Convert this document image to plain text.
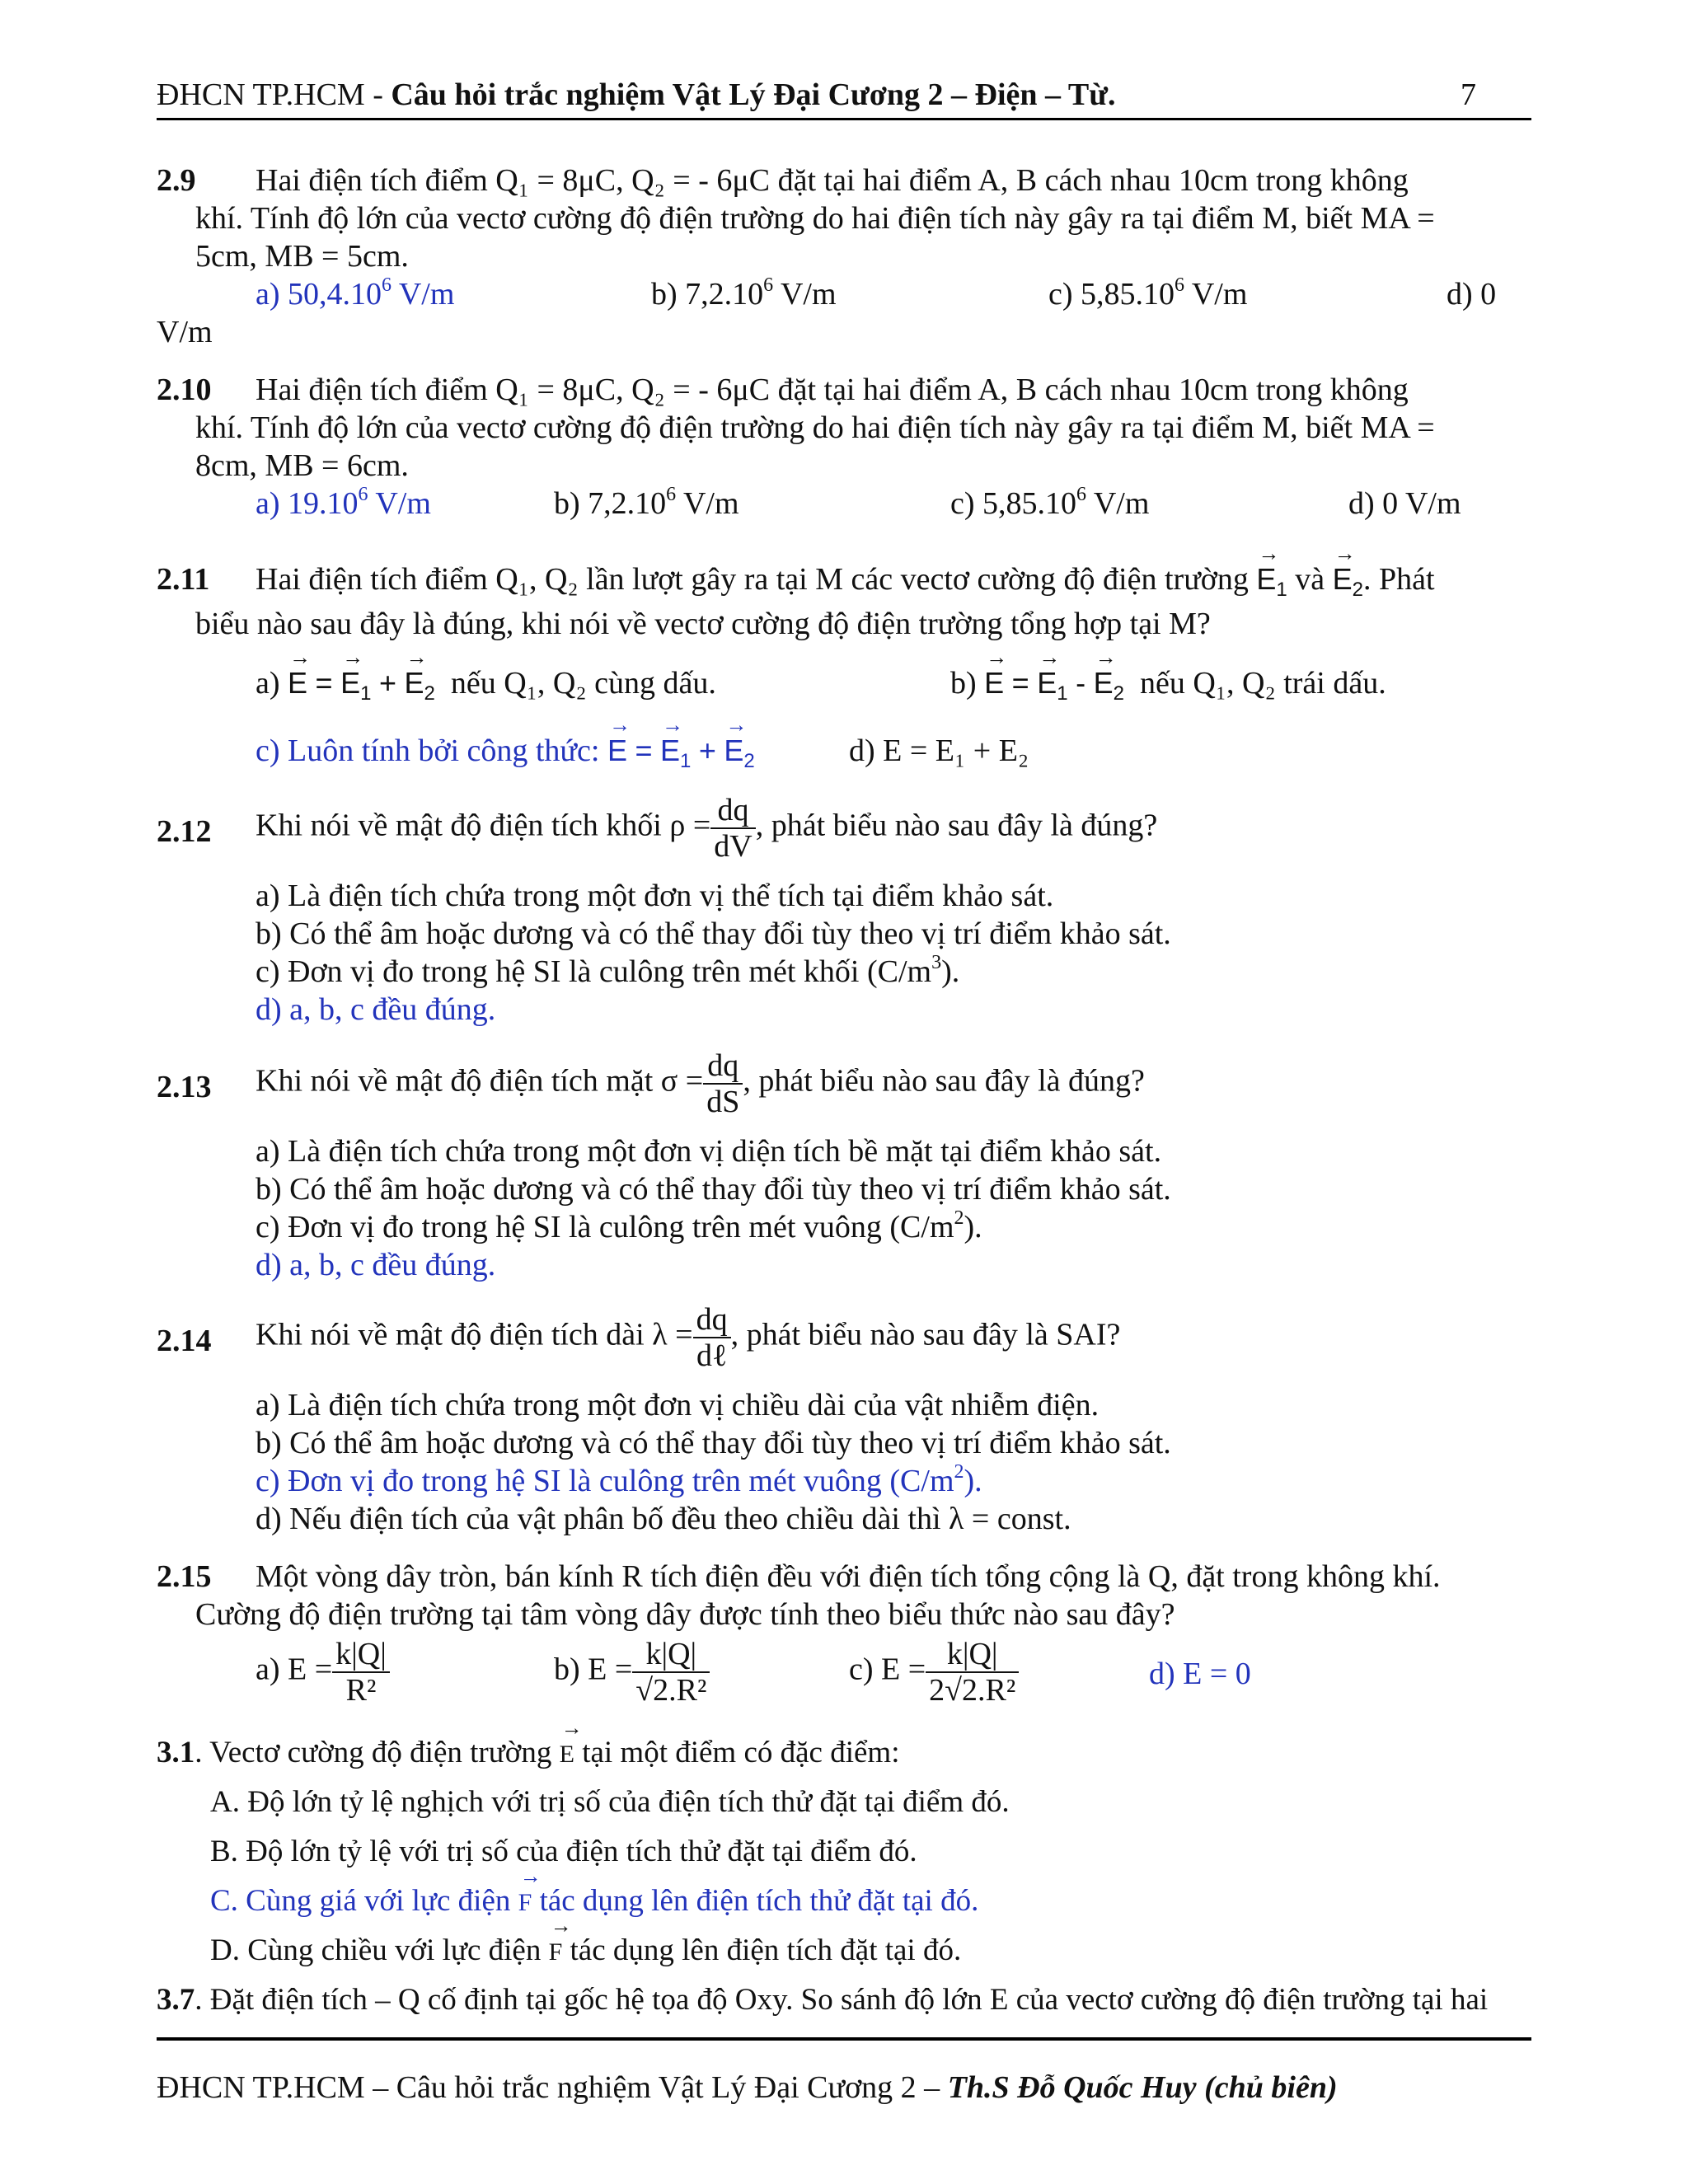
ĐHCN TP.HCM - Câu hỏi trắc nghiệm Vật Lý Đại Cương 2 – Điện – Từ.	7
2.9 Hai điện tích điểm Q₁ = 8μC, Q₂ = - 6μC đặt tại hai điểm A, B cách nhau 10cm trong không
khí. Tính độ lớn của vectơ cường độ điện trường do hai điện tích này gây ra tại điểm M, biết MA =
5cm, MB = 5cm.
a) 50,4.10$^6$ V/m	b) 7,2.10$^6$ V/m	c) 5,85.10$^6$ V/m	d) 0
V/m
2.10 Hai điện tích điểm Q₁ = 8μC, Q₂ = - 6μC đặt tại hai điểm A, B cách nhau 10cm trong không
khí. Tính độ lớn của vectơ cường độ điện trường do hai điện tích này gây ra tại điểm M, biết MA =
8cm, MB = 6cm.
a) 19.10$^6$ V/m	b) 7,2.10$^6$ V/m	c) 5,85.10$^6$ V/m	d) 0 V/m
2.11 Hai điện tích điểm Q₁, Q₂ lần lượt gây ra tại M các vectơ cường độ điện trường → $E_1$ và → $E_2$. Phát
biểu nào sau đây là đúng, khi nói về vectơ cường độ điện trường tổng hợp tại M?
a) → E = → $E_1$ + → $E_2$ nếu Q₁, Q₂ cùng dấu.	b) → E = → $E_1$ - → $E_2$ nếu Q₁, Q₂ trái dấu.
c) Luôn tính bởi công thức: → E = → $E_1$ + → $E_2$	d) E = E₁ + E₂
2.12 Khi nói về mật độ điện tích khối $\rho = \frac{dq}{dV}$ , phát biểu nào sau đây là đúng?
a) Là điện tích chứa trong một đơn vị thể tích tại điểm khảo sát.
b) Có thể âm hoặc dương và có thể thay đổi tùy theo vị trí điểm khảo sát.
c) Đơn vị đo trong hệ SI là culông trên mét khối $(C/m^3)$.
d) a, b, c đều đúng.
2.13 Khi nói về mật độ điện tích mặt $\sigma = \frac{dq}{dS}$ , phát biểu nào sau đây là đúng?
a) Là điện tích chứa trong một đơn vị diện tích bề mặt tại điểm khảo sát.
b) Có thể âm hoặc dương và có thể thay đổi tùy theo vị trí điểm khảo sát.
c) Đơn vị đo trong hệ SI là culông trên mét vuông $(C/m^2)$.
d) a, b, c đều đúng.
2.14 Khi nói về mật độ điện tích dài $\lambda = \frac{dq}{\text{dℓ}}$ , phát biểu nào sau đây là SAI?
a) Là điện tích chứa trong một đơn vị chiều dài của vật nhiễm điện.
b) Có thể âm hoặc dương và có thể thay đổi tùy theo vị trí điểm khảo sát.
c) Đơn vị đo trong hệ SI là culông trên mét vuông $(C/m^2)$.
d) Nếu điện tích của vật phân bố đều theo chiều dài thì λ = const.
2.15 Một vòng dây tròn, bán kính R tích điện đều với điện tích tổng cộng là Q, đặt trong không khí.
Cường độ điện trường tại tâm vòng dây được tính theo biểu thức nào sau đây?
a) $E = \frac{k|Q|}{\text{R²}}$	b) $E = \frac{k|Q|}{\text{√2.R²}}$	c) $E = \frac{k|Q|}{\text{2√2.R²}}$	d) E = 0
3.1. Vectơ cường độ điện trường → E tại một điểm có đặc điểm:
A. Độ lớn tỷ lệ nghịch với trị số của điện tích thử đặt tại điểm đó.
B. Độ lớn tỷ lệ với trị số của điện tích thử đặt tại điểm đó.
C. Cùng giá với lực điện → F tác dụng lên điện tích thử đặt tại đó.
D. Cùng chiều với lực điện → F tác dụng lên điện tích đặt tại đó.
3.7. Đặt điện tích – Q cố định tại gốc hệ tọa độ Oxy. So sánh độ lớn E của vectơ cường độ điện trường tại hai
ĐHCN TP.HCM – Câu hỏi trắc nghiệm Vật Lý Đại Cương 2 – Th.S Đỗ Quốc Huy (chủ biên)
